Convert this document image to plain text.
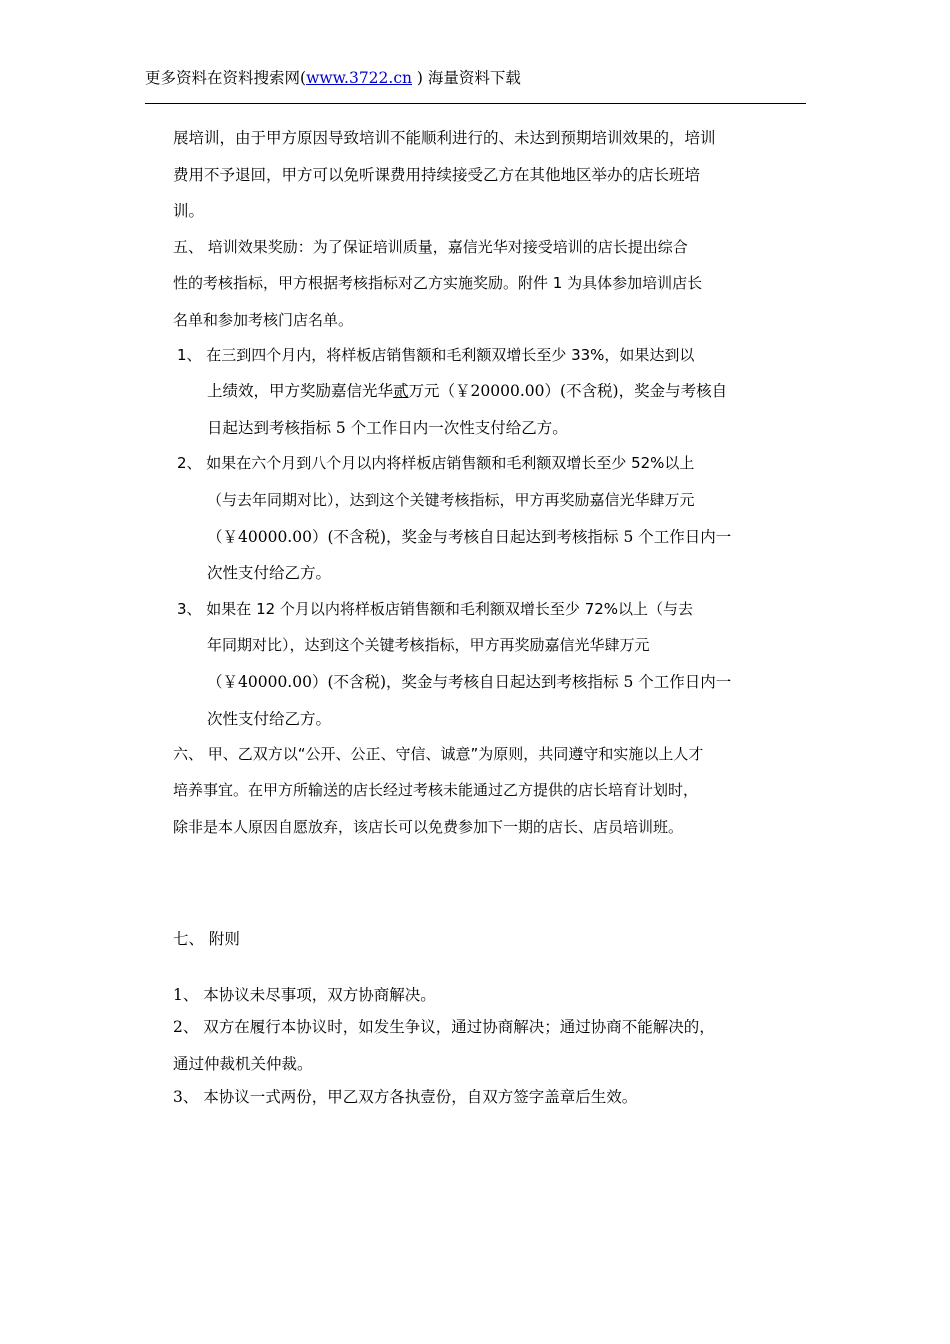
更多资料在资料搜索网(www.3722.cn ) 海量资料下载
展培训，由于甲方原因导致培训不能顺利进行的、未达到预期培训效果的，培训
费用不予退回，甲方可以免听课费用持续接受乙方在其他地区举办的店长班培
训。
五、 培训效果奖励：为了保证培训质量，嘉信光华对接受培训的店长提出综合
性的考核指标，甲方根据考核指标对乙方实施奖励。附件 1 为具体参加培训店长
名单和参加考核门店名单。
1、 在三到四个月内，将样板店销售额和毛利额双增长至少 33%，如果达到以
上绩效，甲方奖励嘉信光华贰万元（￥20000.00）(不含税)，奖金与考核自
日起达到考核指标 5 个工作日内一次性支付给乙方。
2、 如果在六个月到八个月以内将样板店销售额和毛利额双增长至少 52%以上
（与去年同期对比），达到这个关键考核指标，甲方再奖励嘉信光华肆万元
（￥40000.00）(不含税)，奖金与考核自日起达到考核指标 5 个工作日内一
次性支付给乙方。
3、 如果在 12 个月以内将样板店销售额和毛利额双增长至少 72%以上（与去
年同期对比），达到这个关键考核指标，甲方再奖励嘉信光华肆万元
（￥40000.00）(不含税)，奖金与考核自日起达到考核指标 5 个工作日内一
次性支付给乙方。
六、 甲、乙双方以“公开、公正、守信、诚意”为原则，共同遵守和实施以上人才
培养事宜。在甲方所输送的店长经过考核未能通过乙方提供的店长培育计划时，
除非是本人原因自愿放弃，该店长可以免费参加下一期的店长、店员培训班。
七、 附则
1、 本协议未尽事项，双方协商解决。
2、 双方在履行本协议时，如发生争议，通过协商解决；通过协商不能解决的，
通过仲裁机关仲裁。
3、 本协议一式两份，甲乙双方各执壹份，自双方签字盖章后生效。
